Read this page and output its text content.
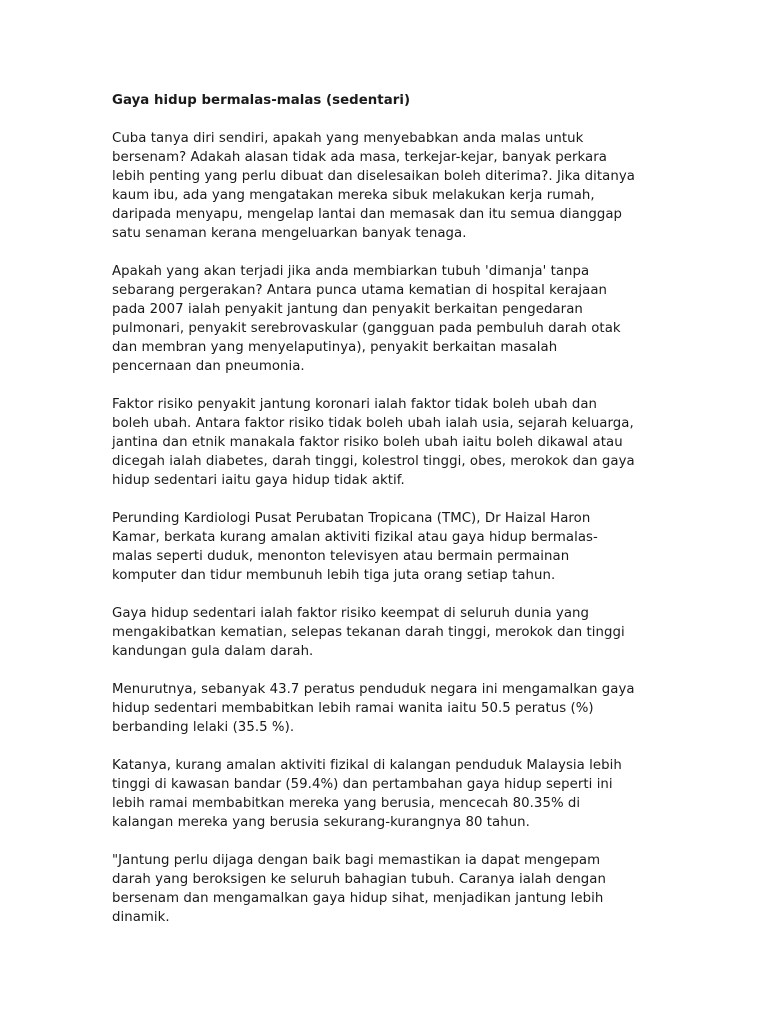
Gaya hidup bermalas-malas (sedentari)

Cuba tanya diri sendiri, apakah yang menyebabkan anda malas untuk
bersenam? Adakah alasan tidak ada masa, terkejar-kejar, banyak perkara
lebih penting yang perlu dibuat dan diselesaikan boleh diterima?. Jika ditanya
kaum ibu, ada yang mengatakan mereka sibuk melakukan kerja rumah,
daripada menyapu, mengelap lantai dan memasak dan itu semua dianggap
satu senaman kerana mengeluarkan banyak tenaga.

Apakah yang akan terjadi jika anda membiarkan tubuh 'dimanja' tanpa
sebarang pergerakan? Antara punca utama kematian di hospital kerajaan
pada 2007 ialah penyakit jantung dan penyakit berkaitan pengedaran
pulmonari, penyakit serebrovaskular (gangguan pada pembuluh darah otak
dan membran yang menyelaputinya), penyakit berkaitan masalah
pencernaan dan pneumonia.

Faktor risiko penyakit jantung koronari ialah faktor tidak boleh ubah dan
boleh ubah. Antara faktor risiko tidak boleh ubah ialah usia, sejarah keluarga,
jantina dan etnik manakala faktor risiko boleh ubah iaitu boleh dikawal atau
dicegah ialah diabetes, darah tinggi, kolestrol tinggi, obes, merokok dan gaya
hidup sedentari iaitu gaya hidup tidak aktif.

Perunding Kardiologi Pusat Perubatan Tropicana (TMC), Dr Haizal Haron
Kamar, berkata kurang amalan aktiviti fizikal atau gaya hidup bermalas-
malas seperti duduk, menonton televisyen atau bermain permainan
komputer dan tidur membunuh lebih tiga juta orang setiap tahun.

Gaya hidup sedentari ialah faktor risiko keempat di seluruh dunia yang
mengakibatkan kematian, selepas tekanan darah tinggi, merokok dan tinggi
kandungan gula dalam darah.

Menurutnya, sebanyak 43.7 peratus penduduk negara ini mengamalkan gaya
hidup sedentari membabitkan lebih ramai wanita iaitu 50.5 peratus (%)
berbanding lelaki (35.5 %).

Katanya, kurang amalan aktiviti fizikal di kalangan penduduk Malaysia lebih
tinggi di kawasan bandar (59.4%) dan pertambahan gaya hidup seperti ini
lebih ramai membabitkan mereka yang berusia, mencecah 80.35% di
kalangan mereka yang berusia sekurang-kurangnya 80 tahun.

"Jantung perlu dijaga dengan baik bagi memastikan ia dapat mengepam
darah yang beroksigen ke seluruh bahagian tubuh. Caranya ialah dengan
bersenam dan mengamalkan gaya hidup sihat, menjadikan jantung lebih
dinamik.
